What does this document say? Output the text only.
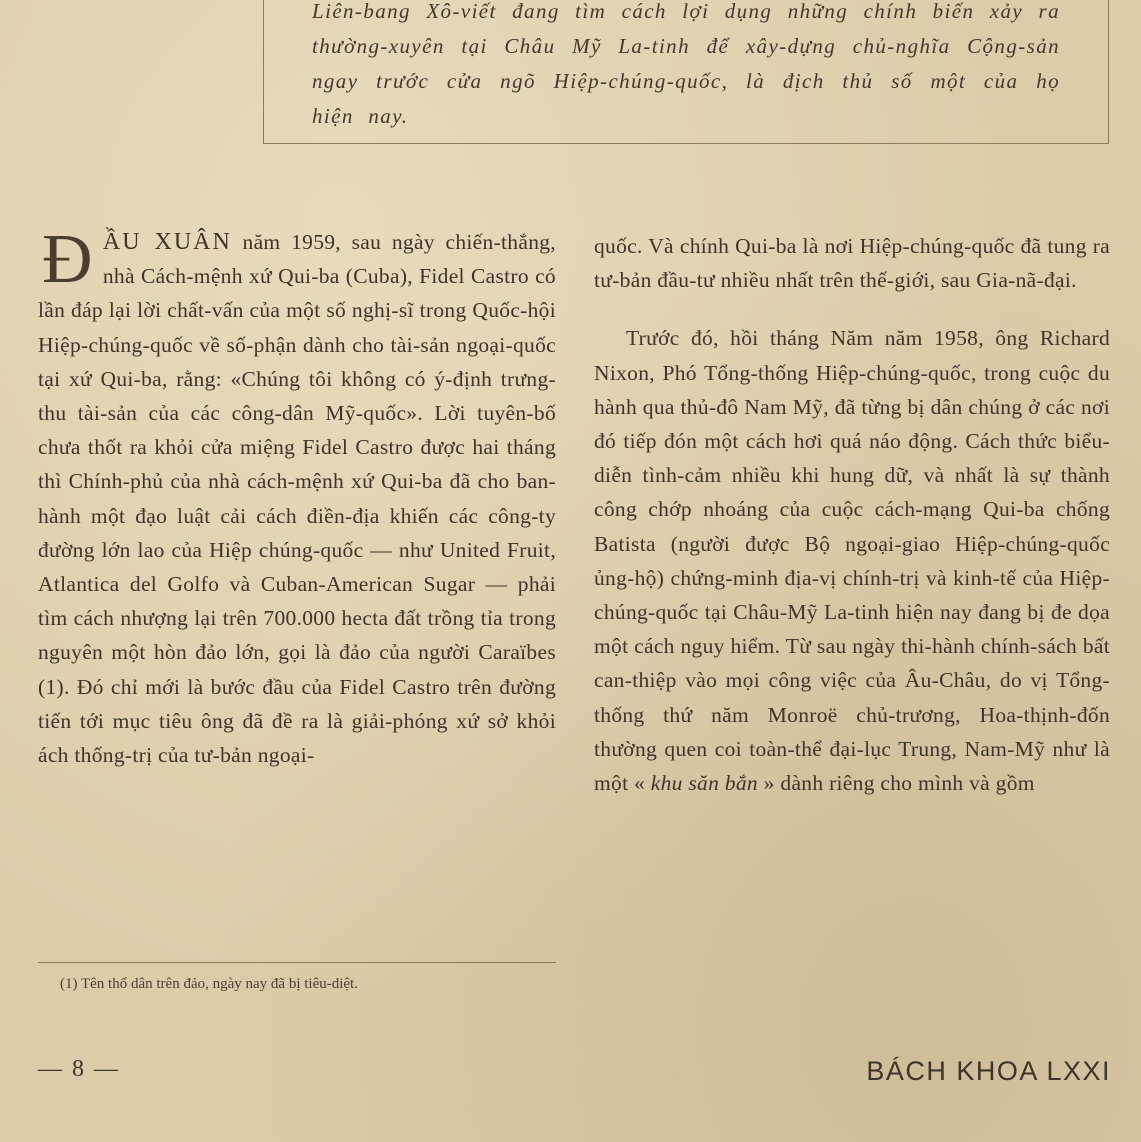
Liên-bang Xô-viết đang tìm cách lợi dụng những chính biến xảy ra thường-xuyên tại Châu Mỹ La-tinh để xây-dựng chủ-nghĩa Cộng-sản ngay trước cửa ngõ Hiệp-chúng-quốc, là địch thủ số một của họ hiện nay.

ĐẦU XUÂN năm 1959, sau ngày chiến-thắng, nhà Cách-mệnh xứ Qui-ba (Cuba), Fidel Castro có lần đáp lại lời chất-vấn của một số nghị-sĩ trong Quốc-hội Hiệp-chúng-quốc về số-phận dành cho tài-sản ngoại-quốc tại xứ Qui-ba, rằng: «Chúng tôi không có ý-định trưng-thu tài-sản của các công-dân Mỹ-quốc». Lời tuyên-bố chưa thốt ra khỏi cửa miệng Fidel Castro được hai tháng thì Chính-phủ của nhà cách-mệnh xứ Qui-ba đã cho ban-hành một đạo luật cải cách điền-địa khiến các công-ty đường lớn lao của Hiệp chúng-quốc — như United Fruit, Atlantica del Golfo và Cuban-American Sugar — phải tìm cách nhượng lại trên 700.000 hecta đất trồng tỉa trong nguyên một hòn đảo lớn, gọi là đảo của người Caraïbes (1). Đó chỉ mới là bước đầu của Fidel Castro trên đường tiến tới mục tiêu ông đã đề ra là giải-phóng xứ sở khỏi ách thống-trị của tư-bản ngoại-

quốc. Và chính Qui-ba là nơi Hiệp-chúng-quốc đã tung ra tư-bản đầu-tư nhiều nhất trên thế-giới, sau Gia-nã-đại.

Trước đó, hồi tháng Năm năm 1958, ông Richard Nixon, Phó Tổng-thống Hiệp-chúng-quốc, trong cuộc du hành qua thủ-đô Nam Mỹ, đã từng bị dân chúng ở các nơi đó tiếp đón một cách hơi quá náo động. Cách thức biểu-diễn tình-cảm nhiều khi hung dữ, và nhất là sự thành công chớp nhoáng của cuộc cách-mạng Qui-ba chống Batista (người được Bộ ngoại-giao Hiệp-chúng-quốc ủng-hộ) chứng-minh địa-vị chính-trị và kinh-tế của Hiệp-chúng-quốc tại Châu-Mỹ La-tinh hiện nay đang bị đe dọa một cách nguy hiểm. Từ sau ngày thi-hành chính-sách bất can-thiệp vào mọi công việc của Âu-Châu, do vị Tổng-thống thứ năm Monroë chủ-trương, Hoa-thịnh-đốn thường quen coi toàn-thể đại-lục Trung, Nam-Mỹ như là một « khu săn bắn » dành riêng cho mình và gồm

(1) Tên thổ dân trên đảo, ngày nay đã bị tiêu-diệt.
— 8 —	BÁCH KHOA LXXI
